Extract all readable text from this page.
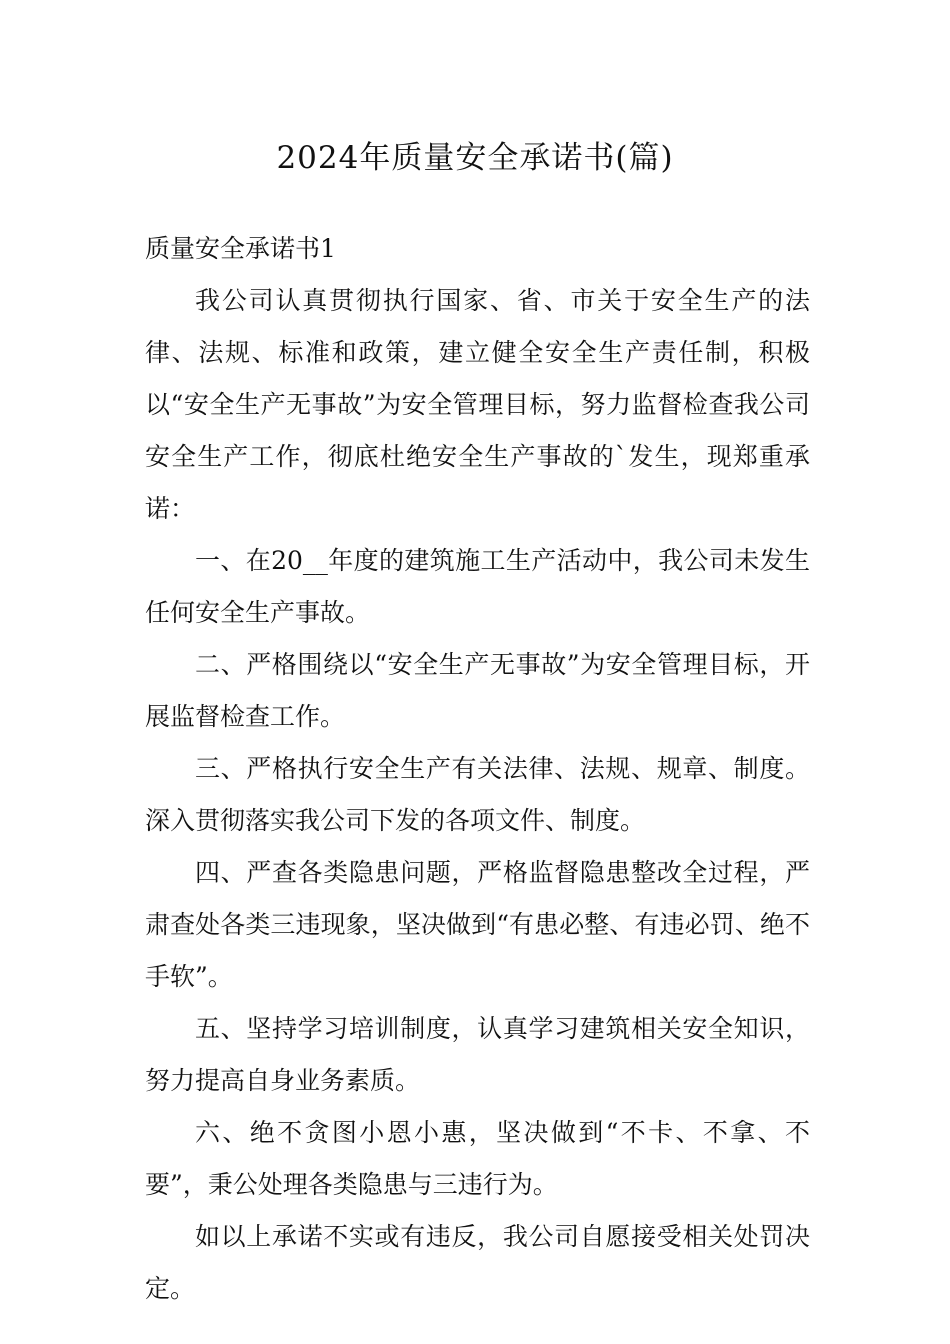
2024年质量安全承诺书(篇)

质量安全承诺书1

我公司认真贯彻执行国家、省、市关于安全生产的法律、法规、标准和政策，建立健全安全生产责任制，积极以“安全生产无事故”为安全管理目标，努力监督检查我公司安全生产工作，彻底杜绝安全生产事故的`发生，现郑重承诺：

一、在20__年度的建筑施工生产活动中，我公司未发生任何安全生产事故。

二、严格围绕以“安全生产无事故”为安全管理目标，开展监督检查工作。

三、严格执行安全生产有关法律、法规、规章、制度。深入贯彻落实我公司下发的各项文件、制度。

四、严查各类隐患问题，严格监督隐患整改全过程，严肃查处各类三违现象，坚决做到“有患必整、有违必罚、绝不手软”。

五、坚持学习培训制度，认真学习建筑相关安全知识，努力提高自身业务素质。

六、绝不贪图小恩小惠，坚决做到“不卡、不拿、不要”，秉公处理各类隐患与三违行为。

如以上承诺不实或有违反，我公司自愿接受相关处罚决定。
